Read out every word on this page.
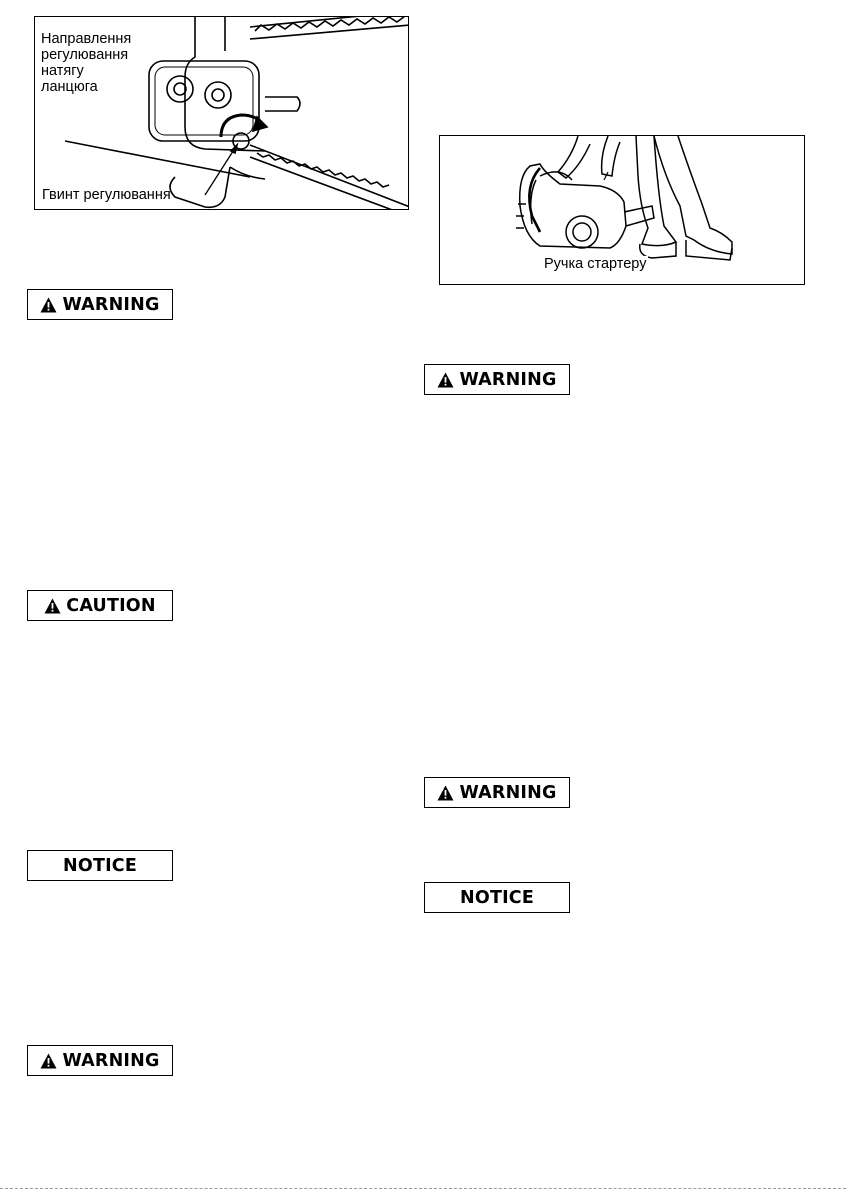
Направлення
регулювання
натягу
ланцюга
Гвинт регулювання
Ручка стартеру
WARNING
CAUTION
NOTICE
WARNING
WARNING
WARNING
NOTICE
